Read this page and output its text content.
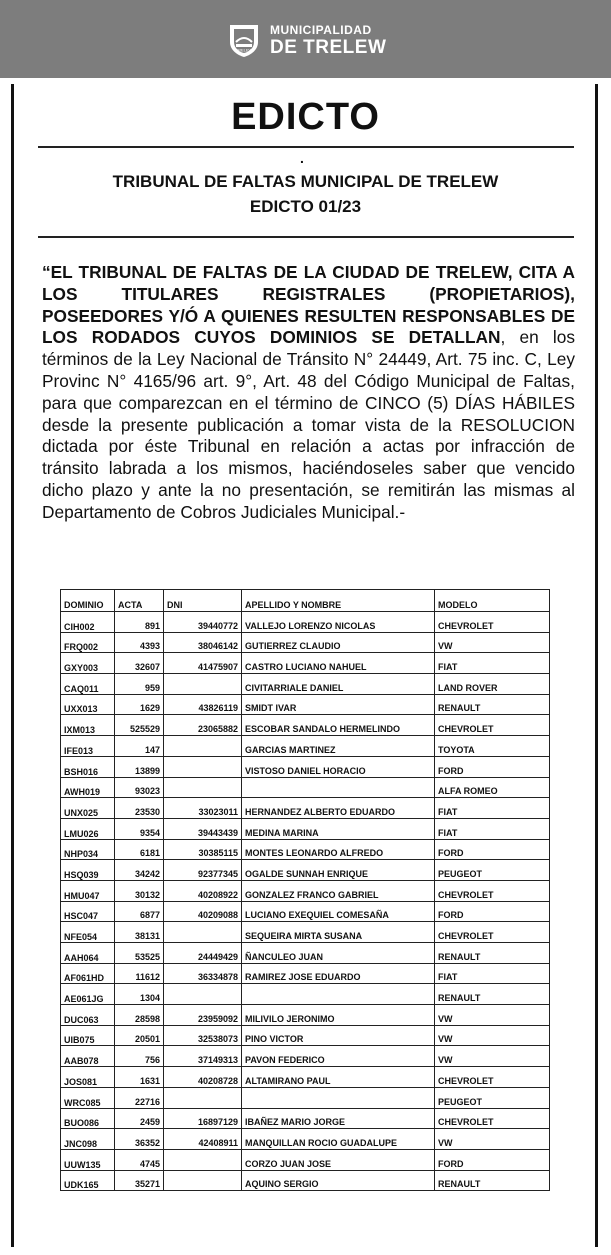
TRELEW
MUNICIPALIDAD
DE TRELEW
EDICTO
.
TRIBUNAL DE FALTAS MUNICIPAL DE TRELEW
EDICTO 01/23
“EL TRIBUNAL DE FALTAS DE LA CIUDAD DE TRELEW, CITA A LOS TITULARES REGISTRALES (PROPIETARIOS), POSEEDORES Y/Ó A QUIENES RESULTEN RESPONSABLES DE LOS RODADOS CUYOS DOMINIOS SE DETALLAN, en los términos de la Ley Nacional de Tránsito N° 24449, Art. 75 inc. C, Ley Provinc N° 4165/96 art. 9°, Art. 48 del Código Municipal de Faltas, para que comparezcan en el término de CINCO (5) DÍAS HÁBILES desde la presente publicación a tomar vista de la RESOLUCION dictada por éste Tribunal en relación a actas por infracción de tránsito labrada a los mismos, haciéndoseles saber que vencido dicho plazo y ante la no presentación, se remitirán las mismas al Departamento de Cobros Judiciales Municipal.-
DOMINIO	ACTA	DNI	APELLIDO Y NOMBRE	MODELO
CIH002	891	39440772	VALLEJO LORENZO NICOLAS	CHEVROLET
FRQ002	4393	38046142	GUTIERREZ CLAUDIO	VW
GXY003	32607	41475907	CASTRO LUCIANO NAHUEL	FIAT
CAQ011	959		CIVITARRIALE DANIEL	LAND ROVER
UXX013	1629	43826119	SMIDT IVAR	RENAULT
IXM013	525529	23065882	ESCOBAR SANDALO HERMELINDO	CHEVROLET
IFE013	147		GARCIAS MARTINEZ	TOYOTA
BSH016	13899		VISTOSO DANIEL HORACIO	FORD
AWH019	93023			ALFA ROMEO
UNX025	23530	33023011	HERNANDEZ ALBERTO EDUARDO	FIAT
LMU026	9354	39443439	MEDINA MARINA	FIAT
NHP034	6181	30385115	MONTES LEONARDO ALFREDO	FORD
HSQ039	34242	92377345	OGALDE SUNNAH ENRIQUE	PEUGEOT
HMU047	30132	40208922	GONZALEZ FRANCO GABRIEL	CHEVROLET
HSC047	6877	40209088	LUCIANO EXEQUIEL COMESAÑA	FORD
NFE054	38131		SEQUEIRA MIRTA SUSANA	CHEVROLET
AAH064	53525	24449429	ÑANCULEO JUAN	RENAULT
AF061HD	11612	36334878	RAMIREZ JOSE EDUARDO	FIAT
AE061JG	1304			RENAULT
DUC063	28598	23959092	MILIVILO JERONIMO	VW
UIB075	20501	32538073	PINO VICTOR	VW
AAB078	756	37149313	PAVON FEDERICO	VW
JOS081	1631	40208728	ALTAMIRANO PAUL	CHEVROLET
WRC085	22716			PEUGEOT
BUO086	2459	16897129	IBAÑEZ MARIO JORGE	CHEVROLET
JNC098	36352	42408911	MANQUILLAN ROCIO GUADALUPE	VW
UUW135	4745		CORZO JUAN JOSE	FORD
UDK165	35271		AQUINO SERGIO	RENAULT
